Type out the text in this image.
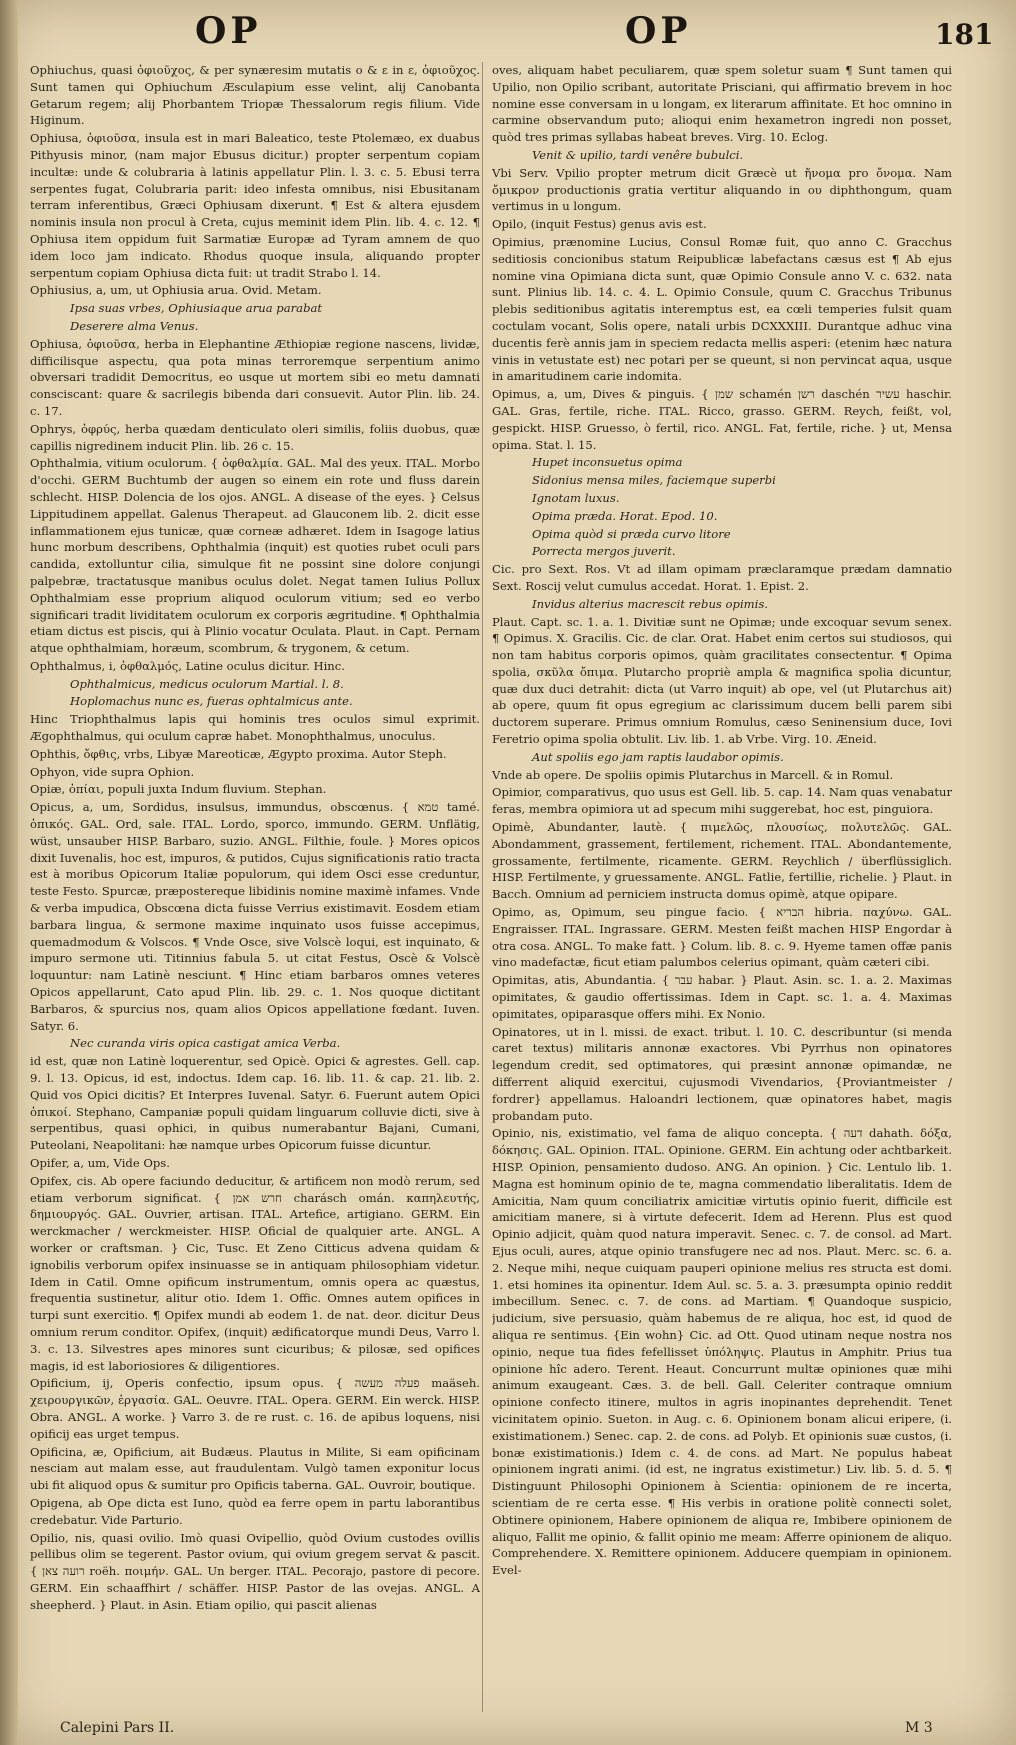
OP	OP	181

Ophiuchus, quasi ὀφιοῦχος, & per synæresim mutatis ο & ε in ε, ὀφιοῦχος. Sunt tamen qui Ophiuchum Æsculapium esse velint, alij Canobanta Getarum regem; alij Phorbantem Triopæ Thessalorum regis filium. Vide Higinum.

Ophiusa, ὀφιοῦσα, insula est in mari Baleatico, teste Ptolemæo, ex duabus Pithyusis minor, (nam major Ebusus dicitur.) propter serpentum copiam incultæ: unde & colubraria à latinis appellatur Plin. l. 3. c. 5. Ebusi terra serpentes fugat, Colubraria parit: ideo infesta omnibus, nisi Ebusitanam terram inferentibus, Græci Ophiusam dixerunt. ¶ Est & altera ejusdem nominis insula non procul à Creta, cujus meminit idem Plin. lib. 4. c. 12. ¶ Ophiusa item oppidum fuit Sarmatiæ Europæ ad Tyram amnem de quo idem loco jam indicato. Rhodus quoque insula, aliquando propter serpentum copiam Ophiusa dicta fuit: ut tradit Strabo l. 14.

Ophiusius, a, um, ut Ophiusia arua. Ovid. Metam.

Ipsa suas vrbes, Ophiusiaque arua parabat

Deserere alma Venus.

Ophiusa, ὀφιοῦσα, herba in Elephantine Æthiopiæ regione nascens, lividæ, difficilisque aspectu, qua pota minas terroremque serpentium animo obversari tradidit Democritus, eo usque ut mortem sibi eo metu damnati consciscant: quare & sacrilegis bibenda dari consuevit. Autor Plin. lib. 24. c. 17.

Ophrys, ὀφρύς, herba quædam denticulato oleri similis, foliis duobus, quæ capillis nigredinem inducit Plin. lib. 26 c. 15.

Ophthalmia, vitium oculorum. { ὀφθαλμία. GAL. Mal des yeux. ITAL. Morbo d'occhi. GERM Buchtumb der augen so einem ein rote und fluss darein schlecht. HISP. Dolencia de los ojos. ANGL. A disease of the eyes. } Celsus Lippitudinem appellat. Galenus Therapeut. ad Glauconem lib. 2. dicit esse inflammationem ejus tunicæ, quæ corneæ adhæret. Idem in Isagoge latius hunc morbum describens, Ophthalmia (inquit) est quoties rubet oculi pars candida, extolluntur cilia, simulque fit ne possint sine dolore conjungi palpebræ, tractatusque manibus oculus dolet. Negat tamen Iulius Pollux Ophthalmiam esse proprium aliquod oculorum vitium; sed eo verbo significari tradit lividitatem oculorum ex corporis ægritudine. ¶ Ophthalmia etiam dictus est piscis, qui à Plinio vocatur Oculata. Plaut. in Capt. Pernam atque ophthalmiam, horæum, scombrum, & trygonem, & cetum.

Ophthalmus, i, ὀφθαλμός, Latine oculus dicitur. Hinc.

Ophthalmicus, medicus oculorum Martial. l. 8.

Hoplomachus nunc es, fueras ophtalmicus ante.

Hinc Triophthalmus lapis qui hominis tres oculos simul exprimit. Ægophthalmus, qui oculum capræ habet. Monophthalmus, unoculus.

Ophthis, ὄφθις, vrbs, Libyæ Mareoticæ, Ægypto proxima. Autor Steph.

Ophyon, vide supra Ophion.

Opiæ, ὀπίαι, populi juxta Indum fluvium. Stephan.

Opicus, a, um, Sordidus, insulsus, immundus, obscœnus. { טמא tamé. ὀπικός. GAL. Ord, sale. ITAL. Lordo, sporco, immundo. GERM. Unflätig, wüst, unsauber HISP. Barbaro, suzio. ANGL. Filthie, foule. } Mores opicos dixit Iuvenalis, hoc est, impuros, & putidos, Cujus significationis ratio tracta est à moribus Opicorum Italiæ populorum, qui idem Osci esse creduntur, teste Festo. Spurcæ, præpostereque libidinis nomine maximè infames. Vnde & verba impudica, Obscœna dicta fuisse Verrius existimavit. Eosdem etiam barbara lingua, & sermone maxime inquinato usos fuisse accepimus, quemadmodum & Volscos. ¶ Vnde Osce, sive Volscè loqui, est inquinato, & impuro sermone uti. Titinnius fabula 5. ut citat Festus, Oscè & Volscè loquuntur: nam Latinè nesciunt. ¶ Hinc etiam barbaros omnes veteres Opicos appellarunt, Cato apud Plin. lib. 29. c. 1. Nos quoque dictitant Barbaros, & spurcius nos, quam alios Opicos appellatione fœdant. Iuven. Satyr. 6.

Nec curanda viris opica castigat amica Verba.

id est, quæ non Latinè loquerentur, sed Opicè. Opici & agrestes. Gell. cap. 9. l. 13. Opicus, id est, indoctus. Idem cap. 16. lib. 11. & cap. 21. lib. 2. Quid vos Opici dicitis? Et Interpres Iuvenal. Satyr. 6. Fuerunt autem Opici ὀπικοί. Stephano, Campaniæ populi quidam linguarum colluvie dicti, sive à serpentibus, quasi ophici, in quibus numerabantur Bajani, Cumani, Puteolani, Neapolitani: hæ namque urbes Opicorum fuisse dicuntur.

Opifer, a, um, Vide Ops.

Opifex, cis. Ab opere faciundo deducitur, & artificem non modò rerum, sed etiam verborum significat. { חרש אמן charásch omán. καπηλευτής, δημιουργός. GAL. Ouvrier, artisan. ITAL. Artefice, artigiano. GERM. Ein werckmacher / werckmeister. HISP. Oficial de qualquier arte. ANGL. A worker or craftsman. } Cic, Tusc. Et Zeno Citticus advena quidam & ignobilis verborum opifex insinuasse se in antiquam philosophiam videtur. Idem in Catil. Omne opificum instrumentum, omnis opera ac quæstus, frequentia sustinetur, alitur otio. Idem 1. Offic. Omnes autem opifices in turpi sunt exercitio. ¶ Opifex mundi ab eodem 1. de nat. deor. dicitur Deus omnium rerum conditor. Opifex, (inquit) ædificatorque mundi Deus, Varro l. 3. c. 13. Silvestres apes minores sunt cicuribus; & pilosæ, sed opifices magis, id est laboriosiores & diligentiores.

Opificium, ij, Operis confectio, ipsum opus. { פעלה מעשה maäseh. χειρουργικῶν, ἐργασία. GAL. Oeuvre. ITAL. Opera. GERM. Ein werck. HISP. Obra. ANGL. A worke. } Varro 3. de re rust. c. 16. de apibus loquens, nisi opificij eas urget tempus.

Opificina, æ, Opificium, ait Budæus. Plautus in Milite, Si eam opificinam nesciam aut malam esse, aut fraudulentam. Vulgò tamen exponitur locus ubi fit aliquod opus & sumitur pro Opificis taberna. GAL. Ouvroir, boutique.

Opigena, ab Ope dicta est Iuno, quòd ea ferre opem in partu laborantibus credebatur. Vide Parturio.

Opilio, nis, quasi ovilio. Imò quasi Ovipellio, quòd Ovium custodes ovillis pellibus olim se tegerent. Pastor ovium, qui ovium gregem servat & pascit. { רועה צאן roëh. ποιμήν. GAL. Un berger. ITAL. Pecorajo, pastore di pecore. GERM. Ein schaaffhirt / schäffer. HISP. Pastor de las ovejas. ANGL. A sheepherd. } Plaut. in Asin. Etiam opilio, qui pascit alienas

oves, aliquam habet peculiarem, quæ spem soletur suam ¶ Sunt tamen qui Upilio, non Opilio scribant, autoritate Prisciani, qui affirmatio brevem in hoc nomine esse conversam in u longam, ex literarum affinitate. Et hoc omnino in carmine observandum puto; alioqui enim hexametron ingredi non posset, quòd tres primas syllabas habeat breves. Virg. 10. Eclog.

Venit & upilio, tardi venêre bubulci.

Vbi Serv. Vpilio propter metrum dicit Græcè ut ἤνομα pro ὄνομα. Nam ὄμικρον productionis gratia vertitur aliquando in ου diphthongum, quam vertimus in u longum.

Opilo, (inquit Festus) genus avis est.

Opimius, prænomine Lucius, Consul Romæ fuit, quo anno C. Gracchus seditiosis concionibus statum Reipublicæ labefactans cæsus est ¶ Ab ejus nomine vina Opimiana dicta sunt, quæ Opimio Consule anno V. c. 632. nata sunt. Plinius lib. 14. c. 4. L. Opimio Consule, quum C. Gracchus Tribunus plebis seditionibus agitatis interemptus est, ea cœli temperies fulsit quam coctulam vocant, Solis opere, natali urbis DCXXXIII. Durantque adhuc vina ducentis ferè annis jam in speciem redacta mellis asperi: (etenim hæc natura vinis in vetustate est) nec potari per se queunt, si non pervincat aqua, usque in amaritudinem carie indomita.

Opimus, a, um, Dives & pinguis. { שמן schamén רשן daschén עשיר haschir. GAL. Gras, fertile, riche. ITAL. Ricco, grasso. GERM. Reych, feißt, vol, gespickt. HISP. Gruesso, ò fertil, rico. ANGL. Fat, fertile, riche. } ut, Mensa opima. Stat. l. 15.

Hupet inconsuetus opima

Sidonius mensa miles, faciemque superbi

Ignotam luxus.

Opima præda. Horat. Epod. 10.

Opima quòd si præda curvo litore

Porrecta mergos juverit.

Cic. pro Sext. Ros. Vt ad illam opimam præclaramque prædam damnatio Sext. Roscij velut cumulus accedat. Horat. 1. Epist. 2.

Invidus alterius macrescit rebus opimis.

Plaut. Capt. sc. 1. a. 1. Divitiæ sunt ne Opimæ; unde excoquar sevum senex. ¶ Opimus. X. Gracilis. Cic. de clar. Orat. Habet enim certos sui studiosos, qui non tam habitus corporis opimos, quàm gracilitates consectentur. ¶ Opima spolia, σκῦλα ὄπιμα. Plutarcho propriè ampla & magnifica spolia dicuntur, quæ dux duci detrahit: dicta (ut Varro inquit) ab ope, vel (ut Plutarchus ait) ab opere, quum fit opus egregium ac clarissimum ducem belli parem sibi ductorem superare. Primus omnium Romulus, cæso Seninensium duce, Iovi Feretrio opima spolia obtulit. Liv. lib. 1. ab Vrbe. Virg. 10. Æneid.

Aut spoliis ego jam raptis laudabor opimis.

Vnde ab opere. De spoliis opimis Plutarchus in Marcell. & in Romul.

Opimior, comparativus, quo usus est Gell. lib. 5. cap. 14. Nam quas venabatur feras, membra opimiora ut ad specum mihi suggerebat, hoc est, pinguiora.

Opimè, Abundanter, lautè. { πιμελῶς, πλουσίως, πολυτελῶς. GAL. Abondamment, grassement, fertilement, richement. ITAL. Abondantemente, grossamente, fertilmente, ricamente. GERM. Reychlich / überflüssiglich. HISP. Fertilmente, y gruessamente. ANGL. Fatlie, fertillie, richelie. } Plaut. in Bacch. Omnium ad perniciem instructa domus opimè, atque opipare.

Opimo, as, Opimum, seu pingue facio. { הבריא hibria. παχύνω. GAL. Engraisser. ITAL. Ingrassare. GERM. Mesten feißt machen HISP Engordar à otra cosa. ANGL. To make fatt. } Colum. lib. 8. c. 9. Hyeme tamen offæ panis vino madefactæ, ficut etiam palumbos celerius opimant, quàm cæteri cibi.

Opimitas, atis, Abundantia. { עבר habar. } Plaut. Asin. sc. 1. a. 2. Maximas opimitates, & gaudio offertissimas. Idem in Capt. sc. 1. a. 4. Maximas opimitates, opiparasque offers mihi. Ex Nonio.

Opinatores, ut in l. missi. de exact. tribut. l. 10. C. describuntur (si menda caret textus) militaris annonæ exactores. Vbi Pyrrhus non opinatores legendum credit, sed optimatores, qui præsint annonæ opimandæ, ne differrent aliquid exercitui, cujusmodi Vivendarios, {Proviantmeister / fordrer} appellamus. Haloandri lectionem, quæ opinatores habet, magis probandam puto.

Opinio, nis, existimatio, vel fama de aliquo concepta. { דעה dahath. δόξα, δόκησις. GAL. Opinion. ITAL. Opinione. GERM. Ein achtung oder achtbarkeit. HISP. Opinion, pensamiento dudoso. ANG. An opinion. } Cic. Lentulo lib. 1. Magna est hominum opinio de te, magna commendatio liberalitatis. Idem de Amicitia, Nam quum conciliatrix amicitiæ virtutis opinio fuerit, difficile est amicitiam manere, si à virtute defecerit. Idem ad Herenn. Plus est quod Opinio adjicit, quàm quod natura imperavit. Senec. c. 7. de consol. ad Mart. Ejus oculi, aures, atque opinio transfugere nec ad nos. Plaut. Merc. sc. 6. a. 2. Neque mihi, neque cuiquam pauperi opinione melius res structa est domi. 1. etsi homines ita opinentur. Idem Aul. sc. 5. a. 3. præsumpta opinio reddit imbecillum. Senec. c. 7. de cons. ad Martiam. ¶ Quandoque suspicio, judicium, sive persuasio, quàm habemus de re aliqua, hoc est, id quod de aliqua re sentimus. {Ein wohn} Cic. ad Ott. Quod utinam neque nostra nos opinio, neque tua fides fefellisset ὑπόληψις. Plautus in Amphitr. Prius tua opinione hîc adero. Terent. Heaut. Concurrunt multæ opiniones quæ mihi animum exaugeant. Cæs. 3. de bell. Gall. Celeriter contraque omnium opinione confecto itinere, multos in agris inopinantes deprehendit. Tenet vicinitatem opinio. Sueton. in Aug. c. 6. Opinionem bonam alicui eripere, (i. existimationem.) Senec. cap. 2. de cons. ad Polyb. Et opinionis suæ custos, (i. bonæ existimationis.) Idem c. 4. de cons. ad Mart. Ne populus habeat opinionem ingrati animi. (id est, ne ingratus existimetur.) Liv. lib. 5. d. 5. ¶ Distinguunt Philosophi Opinionem à Scientia: opinionem de re incerta, scientiam de re certa esse. ¶ His verbis in oratione politè connecti solet, Obtinere opinionem, Habere opinionem de aliqua re, Imbibere opinionem de aliquo, Fallit me opinio, & fallit opinio me meam: Afferre opinionem de aliquo. Comprehendere. X. Remittere opinionem. Adducere quempiam in opinionem. Evel-

Calepini Pars II.	M 3
